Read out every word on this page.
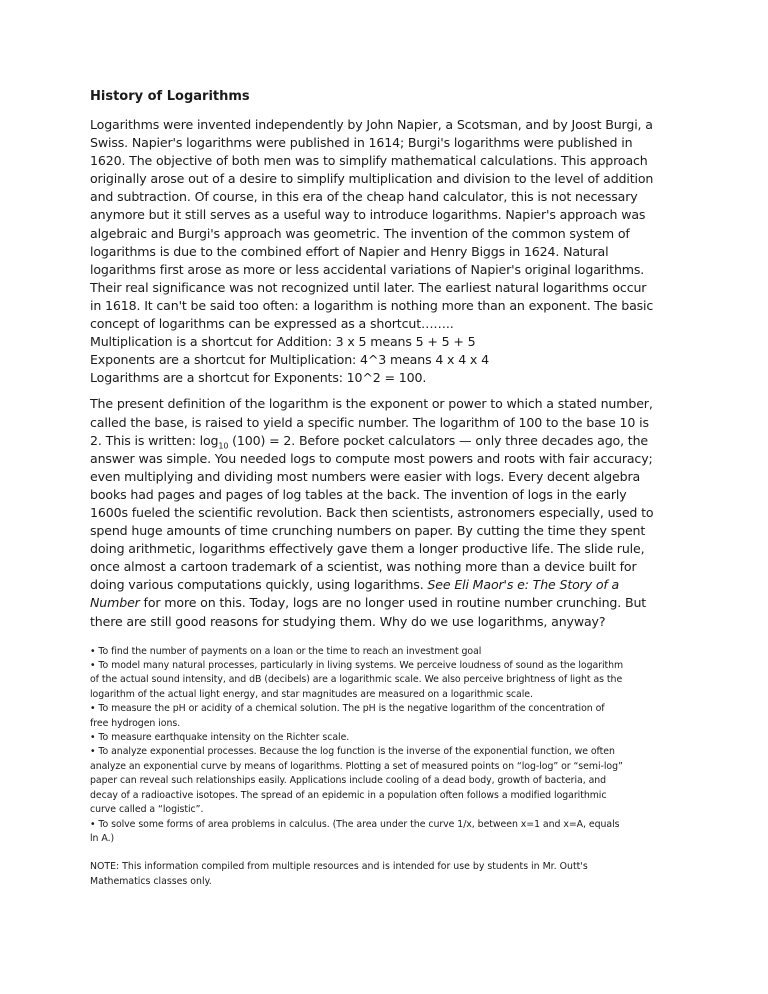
History of Logarithms

Logarithms were invented independently by John Napier, a Scotsman, and by Joost Burgi, a
Swiss. Napier's logarithms were published in 1614; Burgi's logarithms were published in
1620. The objective of both men was to simplify mathematical calculations. This approach
originally arose out of a desire to simplify multiplication and division to the level of addition
and subtraction. Of course, in this era of the cheap hand calculator, this is not necessary
anymore but it still serves as a useful way to introduce logarithms. Napier's approach was
algebraic and Burgi's approach was geometric. The invention of the common system of
logarithms is due to the combined effort of Napier and Henry Biggs in 1624. Natural
logarithms first arose as more or less accidental variations of Napier's original logarithms.
Their real significance was not recognized until later. The earliest natural logarithms occur
in 1618. It can't be said too often: a logarithm is nothing more than an exponent. The basic
concept of logarithms can be expressed as a shortcut……..
Multiplication is a shortcut for Addition: 3 x 5 means 5 + 5 + 5
Exponents are a shortcut for Multiplication: 4^3 means 4 x 4 x 4
Logarithms are a shortcut for Exponents: 10^2 = 100.

The present definition of the logarithm is the exponent or power to which a stated number,
called the base, is raised to yield a specific number. The logarithm of 100 to the base 10 is
2. This is written: $\log_{10} (100) = 2$. Before pocket calculators — only three decades ago, the
answer was simple. You needed logs to compute most powers and roots with fair accuracy;
even multiplying and dividing most numbers were easier with logs. Every decent algebra
books had pages and pages of log tables at the back. The invention of logs in the early
1600s fueled the scientific revolution. Back then scientists, astronomers especially, used to
spend huge amounts of time crunching numbers on paper. By cutting the time they spent
doing arithmetic, logarithms effectively gave them a longer productive life. The slide rule,
once almost a cartoon trademark of a scientist, was nothing more than a device built for
doing various computations quickly, using logarithms. See Eli Maor's e: The Story of a
Number for more on this. Today, logs are no longer used in routine number crunching. But
there are still good reasons for studying them. Why do we use logarithms, anyway?

• To find the number of payments on a loan or the time to reach an investment goal
• To model many natural processes, particularly in living systems. We perceive loudness of sound as the logarithm
of the actual sound intensity, and dB (decibels) are a logarithmic scale. We also perceive brightness of light as the
logarithm of the actual light energy, and star magnitudes are measured on a logarithmic scale.
• To measure the pH or acidity of a chemical solution. The pH is the negative logarithm of the concentration of
free hydrogen ions.
• To measure earthquake intensity on the Richter scale.
• To analyze exponential processes. Because the log function is the inverse of the exponential function, we often
analyze an exponential curve by means of logarithms. Plotting a set of measured points on “log-log” or “semi-log”
paper can reveal such relationships easily. Applications include cooling of a dead body, growth of bacteria, and
decay of a radioactive isotopes. The spread of an epidemic in a population often follows a modified logarithmic
curve called a “logistic”.
• To solve some forms of area problems in calculus. (The area under the curve 1/x, between x=1 and x=A, equals
ln A.)
NOTE: This information compiled from multiple resources and is intended for use by students in Mr. Outt's
Mathematics classes only.
